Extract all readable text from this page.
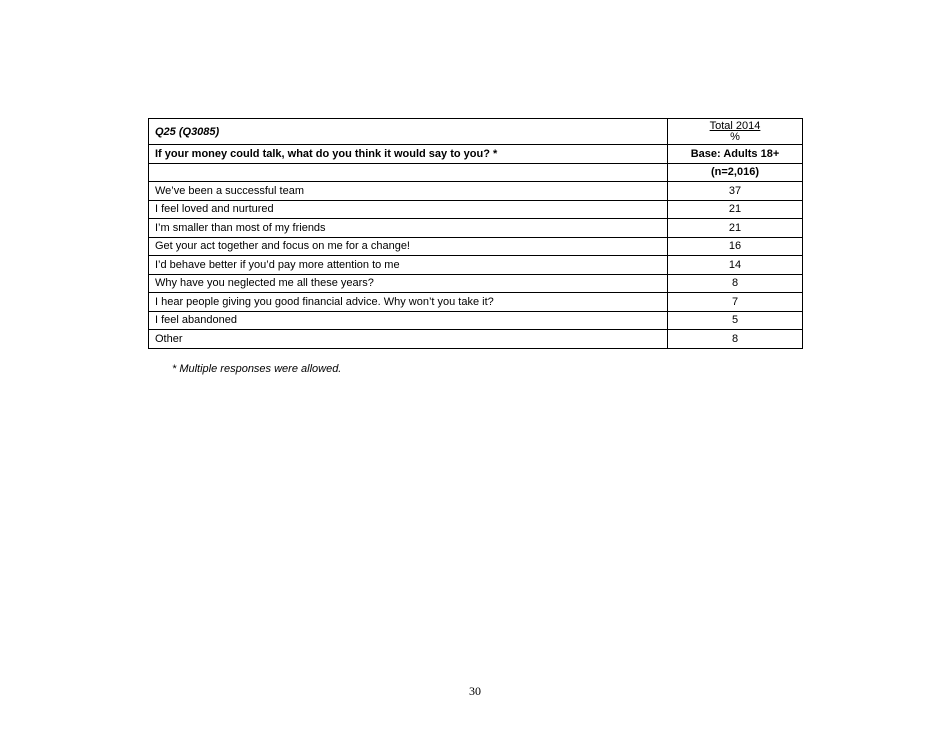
Q25 (Q3085)	Total 2014
%
If your money could talk, what do you think it would say to you? *	Base: Adults 18+
	(n=2,016)
We’ve been a successful team	37
I feel loved and nurtured	21
I’m smaller than most of my friends	21
Get your act together and focus on me for a change!	16
I’d behave better if you’d pay more attention to me	14
Why have you neglected me all these years?	8
I hear people giving you good financial advice. Why won’t you take it?	7
I feel abandoned	5
Other	8
* Multiple responses were allowed.
30
